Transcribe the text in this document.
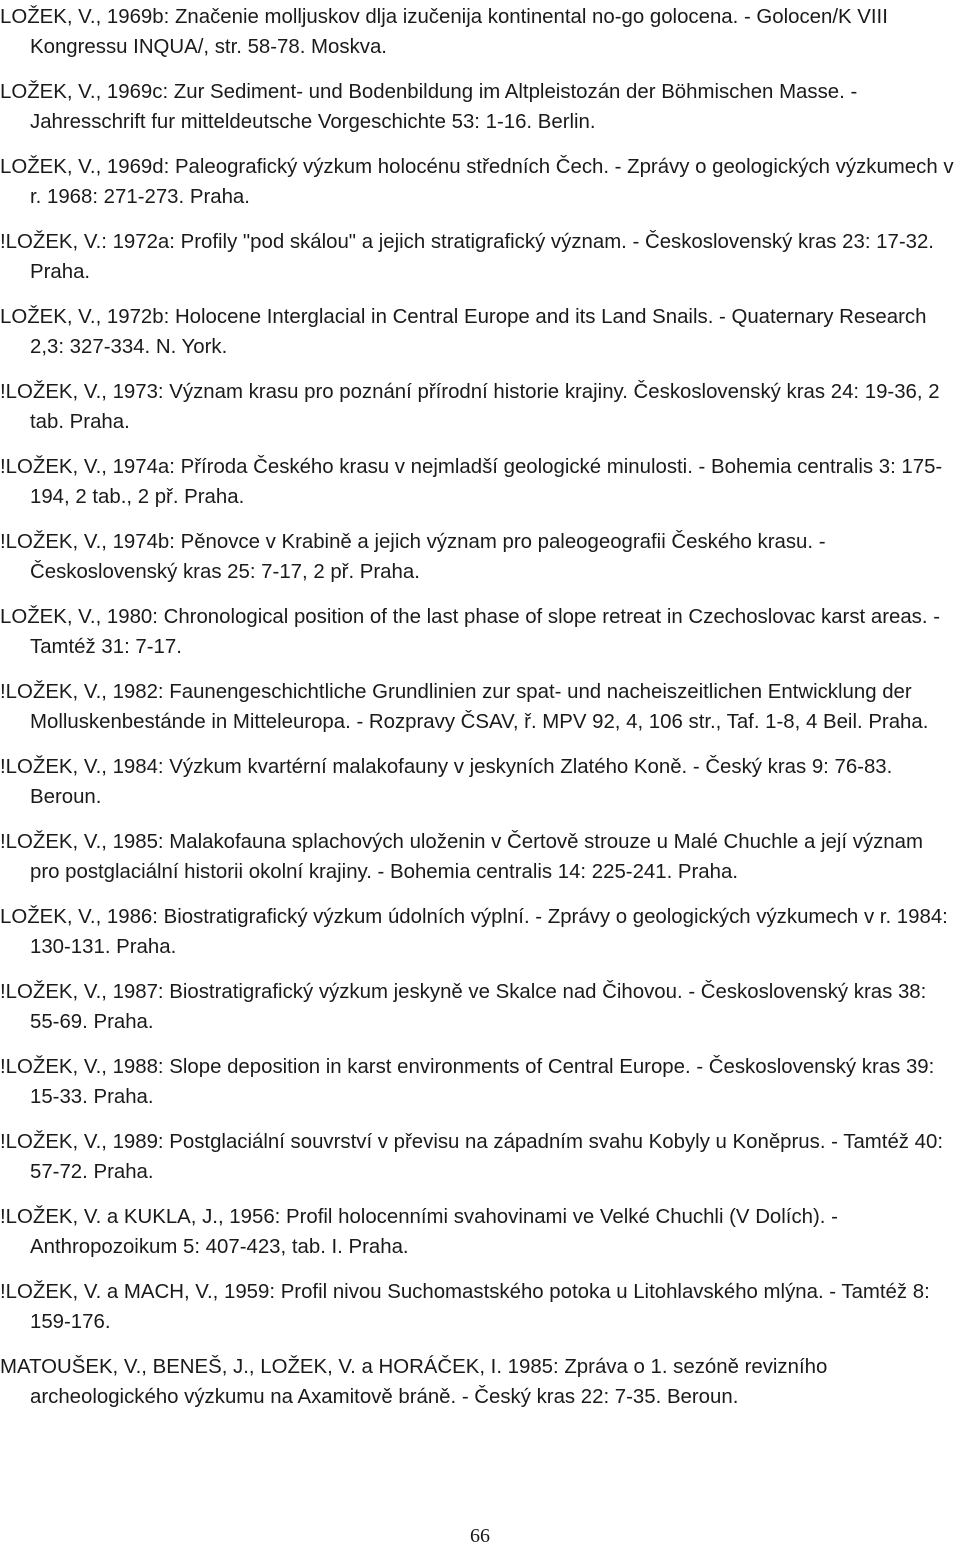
LOŽEK, V., 1969b: Značenie molljuskov dlja izučenija kontinental no-go golocena. - Golocen/K VIII Kongressu INQUA/, str. 58-78. Moskva.

LOŽEK, V., 1969c: Zur Sediment- und Bodenbildung im Altpleistozán der Böhmischen Masse. - Jahresschrift fur mitteldeutsche Vorgeschichte 53: 1-16. Berlin.

LOŽEK, V., 1969d: Paleografický výzkum holocénu středních Čech. - Zprávy o geologických výzkumech v r. 1968: 271-273. Praha.

!LOŽEK, V.: 1972a: Profily "pod skálou" a jejich stratigrafický význam. - Československý kras 23: 17-32. Praha.

LOŽEK, V., 1972b: Holocene Interglacial in Central Europe and its Land Snails. - Quaternary Research 2,3: 327-334. N. York.

!LOŽEK, V., 1973: Význam krasu pro poznání přírodní historie krajiny. Československý kras 24: 19-36, 2 tab. Praha.

!LOŽEK, V., 1974a: Příroda Českého krasu v nejmladší geologické minulosti. - Bohemia centralis 3: 175-194, 2 tab., 2 př. Praha.

!LOŽEK, V., 1974b: Pěnovce v Krabině a jejich význam pro paleogeografii Českého krasu. - Československý kras 25: 7-17, 2 př. Praha.

LOŽEK, V., 1980: Chronological position of the last phase of slope retreat in Czechoslovac karst areas. - Tamtéž 31: 7-17.

!LOŽEK, V., 1982: Faunengeschichtliche Grundlinien zur spat- und nacheiszeitlichen Entwicklung der Molluskenbestánde in Mitteleuropa. - Rozpravy ČSAV, ř. MPV 92, 4, 106 str., Taf. 1-8, 4 Beil. Praha.

!LOŽEK, V., 1984: Výzkum kvartérní malakofauny v jeskyních Zlatého Koně. - Český kras 9: 76-83. Beroun.

!LOŽEK, V., 1985: Malakofauna splachových uloženin v Čertově strouze u Malé Chuchle a její význam pro postglaciální historii okolní krajiny. - Bohemia centralis 14: 225-241. Praha.

LOŽEK, V., 1986: Biostratigrafický výzkum údolních výplní. - Zprávy o geologických výzkumech v r. 1984: 130-131. Praha.

!LOŽEK, V., 1987: Biostratigrafický výzkum jeskyně ve Skalce nad Čihovou. - Československý kras 38: 55-69. Praha.

!LOŽEK, V., 1988: Slope deposition in karst environments of Central Europe. - Československý kras 39: 15-33. Praha.

!LOŽEK, V., 1989: Postglaciální souvrství v převisu na západním svahu Kobyly u Koněprus. - Tamtéž 40: 57-72. Praha.

!LOŽEK, V. a KUKLA, J., 1956: Profil holocenními svahovinami ve Velké Chuchli (V Dolích). - Anthropozoikum 5: 407-423, tab. I. Praha.

!LOŽEK, V. a MACH, V., 1959: Profil nivou Suchomastského potoka u Litohlavského mlýna. - Tamtéž 8: 159-176.

MATOUŠEK, V., BENEŠ, J., LOŽEK, V. a HORÁČEK, I. 1985: Zpráva o 1. sezóně revizního archeologického výzkumu na Axamitově bráně. - Český kras 22: 7-35. Beroun.

66
